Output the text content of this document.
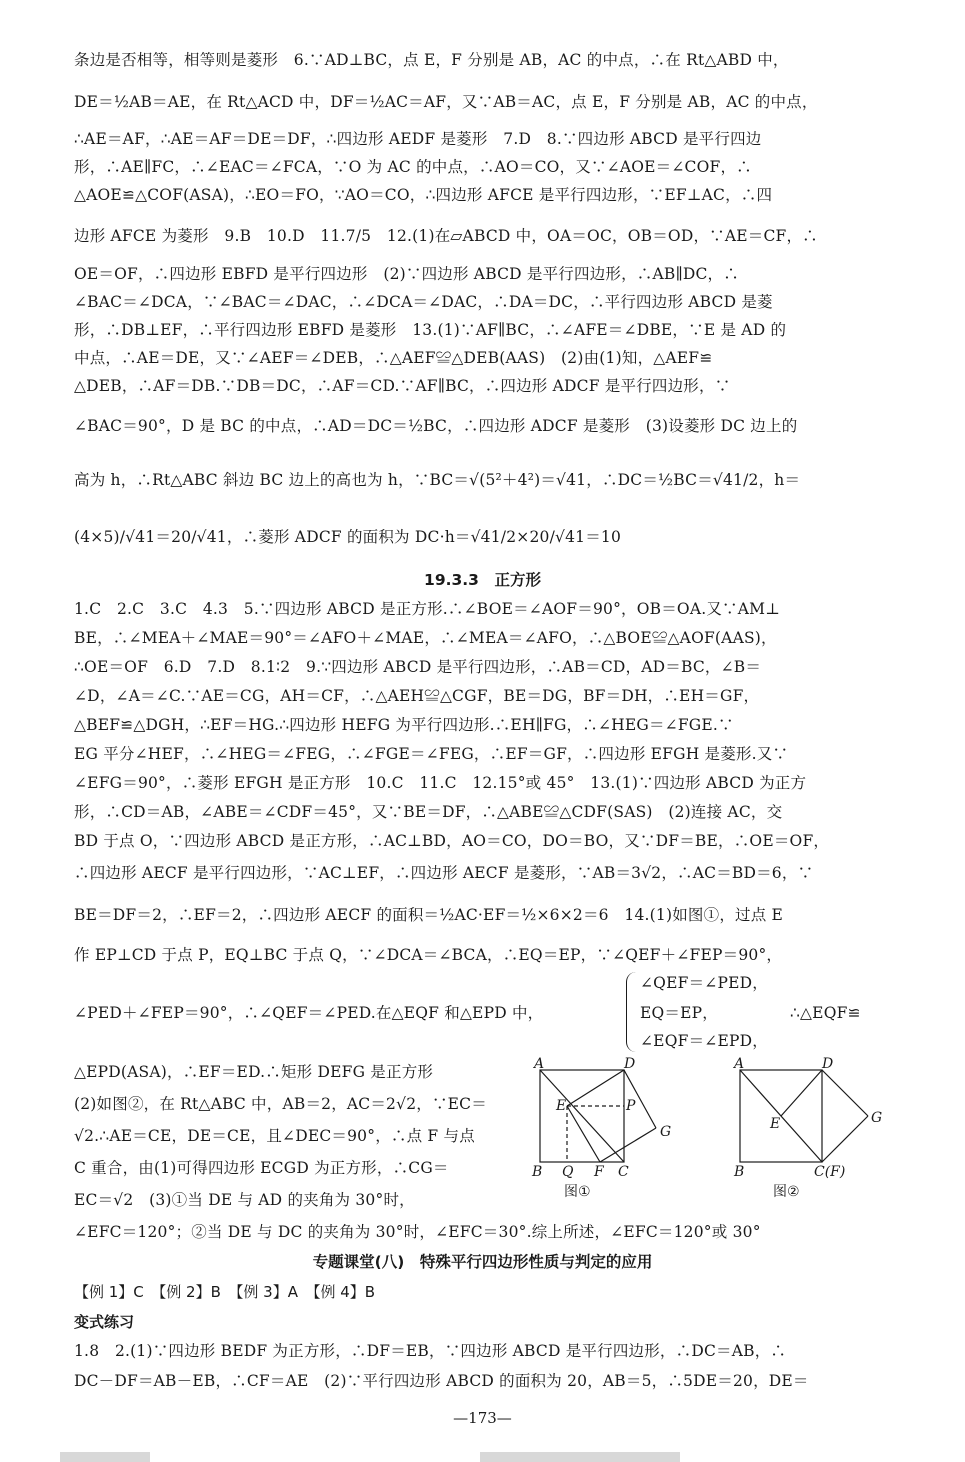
条边是否相等，相等则是菱形　6.∵AD⊥BC，点 E，F 分别是 AB，AC 的中点，∴在 Rt△ABD 中，
DE＝½AB＝AE，在 Rt△ACD 中，DF＝½AC＝AF，又∵AB＝AC，点 E，F 分别是 AB，AC 的中点，
∴AE＝AF，∴AE＝AF＝DE＝DF，∴四边形 AEDF 是菱形　7.D　8.∵四边形 ABCD 是平行四边
形，∴AE∥FC，∴∠EAC＝∠FCA，∵O 为 AC 的中点，∴AO＝CO，又∵∠AOE＝∠COF，∴
△AOE≌△COF(ASA)，∴EO＝FO，∵AO＝CO，∴四边形 AFCE 是平行四边形，∵EF⊥AC，∴四
边形 AFCE 为菱形　9.B　10.D　11.7/5　12.(1)在▱ABCD 中，OA＝OC，OB＝OD，∵AE＝CF，∴
OE＝OF，∴四边形 EBFD 是平行四边形　(2)∵四边形 ABCD 是平行四边形，∴AB∥DC，∴
∠BAC＝∠DCA，∵∠BAC＝∠DAC，∴∠DCA＝∠DAC，∴DA＝DC，∴平行四边形 ABCD 是菱
形，∴DB⊥EF，∴平行四边形 EBFD 是菱形　13.(1)∵AF∥BC，∴∠AFE＝∠DBE，∵E 是 AD 的
中点，∴AE＝DE，又∵∠AEF＝∠DEB，∴△AEF≌△DEB(AAS)　(2)由(1)知，△AEF≌
△DEB，∴AF＝DB.∵DB＝DC，∴AF＝CD.∵AF∥BC，∴四边形 ADCF 是平行四边形，∵
∠BAC＝90°，D 是 BC 的中点，∴AD＝DC＝½BC，∴四边形 ADCF 是菱形　(3)设菱形 DC 边上的
高为 h，∴Rt△ABC 斜边 BC 边上的高也为 h，∵BC＝√(5²＋4²)＝√41，∴DC＝½BC＝√41/2，h＝
(4×5)/√41＝20/√41，∴菱形 ADCF 的面积为 DC·h＝√41/2×20/√41＝10
19.3.3　正方形
1.C　2.C　3.C　4.3　5.∵四边形 ABCD 是正方形.∴∠BOE＝∠AOF＝90°，OB＝OA.又∵AM⊥
BE，∴∠MEA＋∠MAE＝90°＝∠AFO＋∠MAE，∴∠MEA＝∠AFO，∴△BOE≌△AOF(AAS)，
∴OE＝OF　6.D　7.D　8.1∶2　9.∵四边形 ABCD 是平行四边形，∴AB＝CD，AD＝BC，∠B＝
∠D，∠A＝∠C.∵AE＝CG，AH＝CF，∴△AEH≌△CGF，BE＝DG，BF＝DH，∴EH＝GF，
△BEF≌△DGH，∴EF＝HG.∴四边形 HEFG 为平行四边形.∴EH∥FG，∴∠HEG＝∠FGE.∵
EG 平分∠HEF，∴∠HEG＝∠FEG，∴∠FGE＝∠FEG，∴EF＝GF，∴四边形 EFGH 是菱形.又∵
∠EFG＝90°，∴菱形 EFGH 是正方形　10.C　11.C　12.15°或 45°　13.(1)∵四边形 ABCD 为正方
形，∴CD＝AB，∠ABE＝∠CDF＝45°，又∵BE＝DF，∴△ABE≌△CDF(SAS)　(2)连接 AC，交
BD 于点 O，∵四边形 ABCD 是正方形，∴AC⊥BD，AO＝CO，DO＝BO，又∵DF＝BE，∴OE＝OF，
∴四边形 AECF 是平行四边形，∵AC⊥EF，∴四边形 AECF 是菱形，∵AB＝3√2，∴AC＝BD＝6，∵
BE＝DF＝2，∴EF＝2，∴四边形 AECF 的面积＝½AC·EF＝½×6×2＝6　14.(1)如图①，过点 E
作 EP⊥CD 于点 P，EQ⊥BC 于点 Q，∵∠DCA＝∠BCA，∴EQ＝EP，∵∠QEF＋∠FEP＝90°，
∠PED＋∠FEP＝90°，∴∠QEF＝∠PED.在△EQF 和△EPD 中，
∠QEF＝∠PED，
EQ＝EP，
∠EQF＝∠EPD，
∴△EQF≌
△EPD(ASA)，∴EF＝ED.∴矩形 DEFG 是正方形
(2)如图②，在 Rt△ABC 中，AB＝2，AC＝2√2，∵EC＝
√2.∴AE＝CE，DE＝CE，且∠DEC＝90°，∴点 F 与点
C 重合，由(1)可得四边形 ECGD 为正方形，∴CG＝
EC＝√2　(3)①当 DE 与 AD 的夹角为 30°时，
∠EFC＝120°；②当 DE 与 DC 的夹角为 30°时，∠EFC＝30°.综上所述，∠EFC＝120°或 30°
A	D
E	P
G
B Q F C
图①
A	D
E	G
B	C(F)
图②
专题课堂(八)　特殊平行四边形性质与判定的应用
【例 1】C　【例 2】B　【例 3】A　【例 4】B
变式练习
1.8　2.(1)∵四边形 BEDF 为正方形，∴DF＝EB，∵四边形 ABCD 是平行四边形，∴DC＝AB，∴
DC－DF＝AB－EB，∴CF＝AE　(2)∵平行四边形 ABCD 的面积为 20，AB＝5，∴5DE＝20，DE＝
—173—
